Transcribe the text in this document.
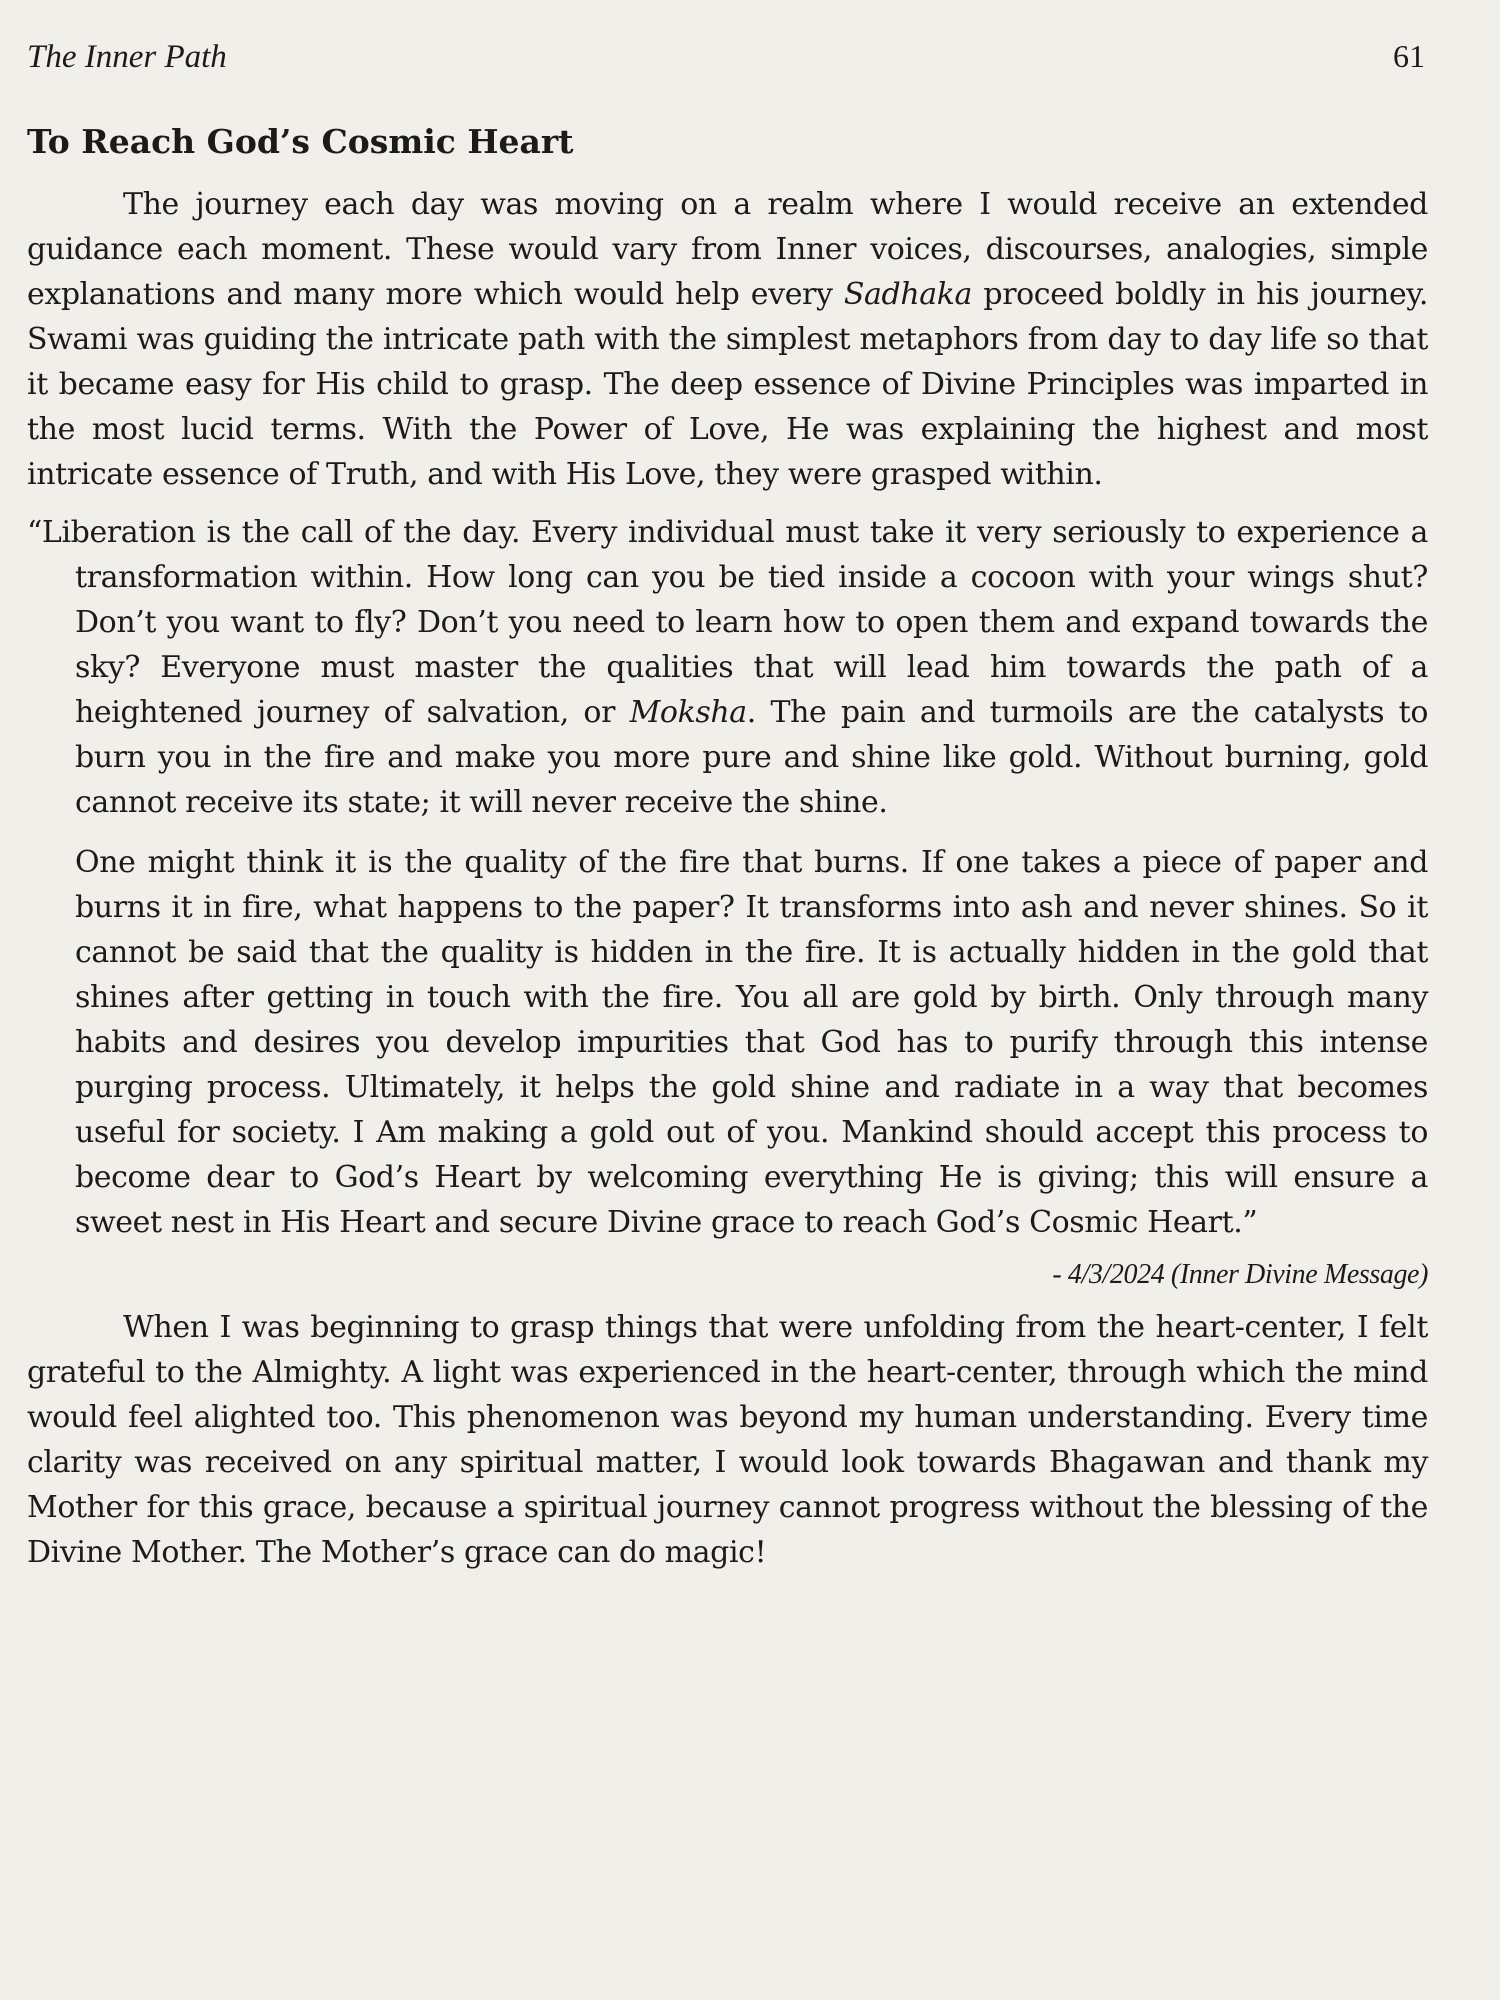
The Inner Path	61
To Reach God’s Cosmic Heart

The journey each day was moving on a realm where I would receive an extended guidance each moment. These would vary from Inner voices, discourses, analogies, simple explanations and many more which would help every Sadhaka proceed boldly in his journey. Swami was guiding the intricate path with the simplest metaphors from day to day life so that it became easy for His child to grasp. The deep essence of Divine Principles was imparted in the most lucid terms. With the Power of Love, He was explaining the highest and most intricate essence of Truth, and with His Love, they were grasped within.

“Liberation is the call of the day. Every individual must take it very seriously to experience a transformation within. How long can you be tied inside a cocoon with your wings shut? Don’t you want to fly? Don’t you need to learn how to open them and expand towards the sky? Everyone must master the qualities that will lead him towards the path of a heightened journey of salvation, or Moksha. The pain and turmoils are the catalysts to burn you in the fire and make you more pure and shine like gold. Without burning, gold cannot receive its state; it will never receive the shine.

One might think it is the quality of the fire that burns. If one takes a piece of paper and burns it in fire, what happens to the paper? It transforms into ash and never shines. So it cannot be said that the quality is hidden in the fire. It is actually hidden in the gold that shines after getting in touch with the fire. You all are gold by birth. Only through many habits and desires you develop impurities that God has to purify through this intense purging process. Ultimately, it helps the gold shine and radiate in a way that becomes useful for society. I Am making a gold out of you. Mankind should accept this process to become dear to God’s Heart by welcoming everything He is giving; this will ensure a sweet nest in His Heart and secure Divine grace to reach God’s Cosmic Heart.”

- 4/3/2024 (Inner Divine Message)

When I was beginning to grasp things that were unfolding from the heart-center, I felt grateful to the Almighty. A light was experienced in the heart-center, through which the mind would feel alighted too. This phenomenon was beyond my human understanding. Every time clarity was received on any spiritual matter, I would look towards Bhagawan and thank my Mother for this grace, because a spiritual journey cannot progress without the blessing of the Divine Mother. The Mother’s grace can do magic!
